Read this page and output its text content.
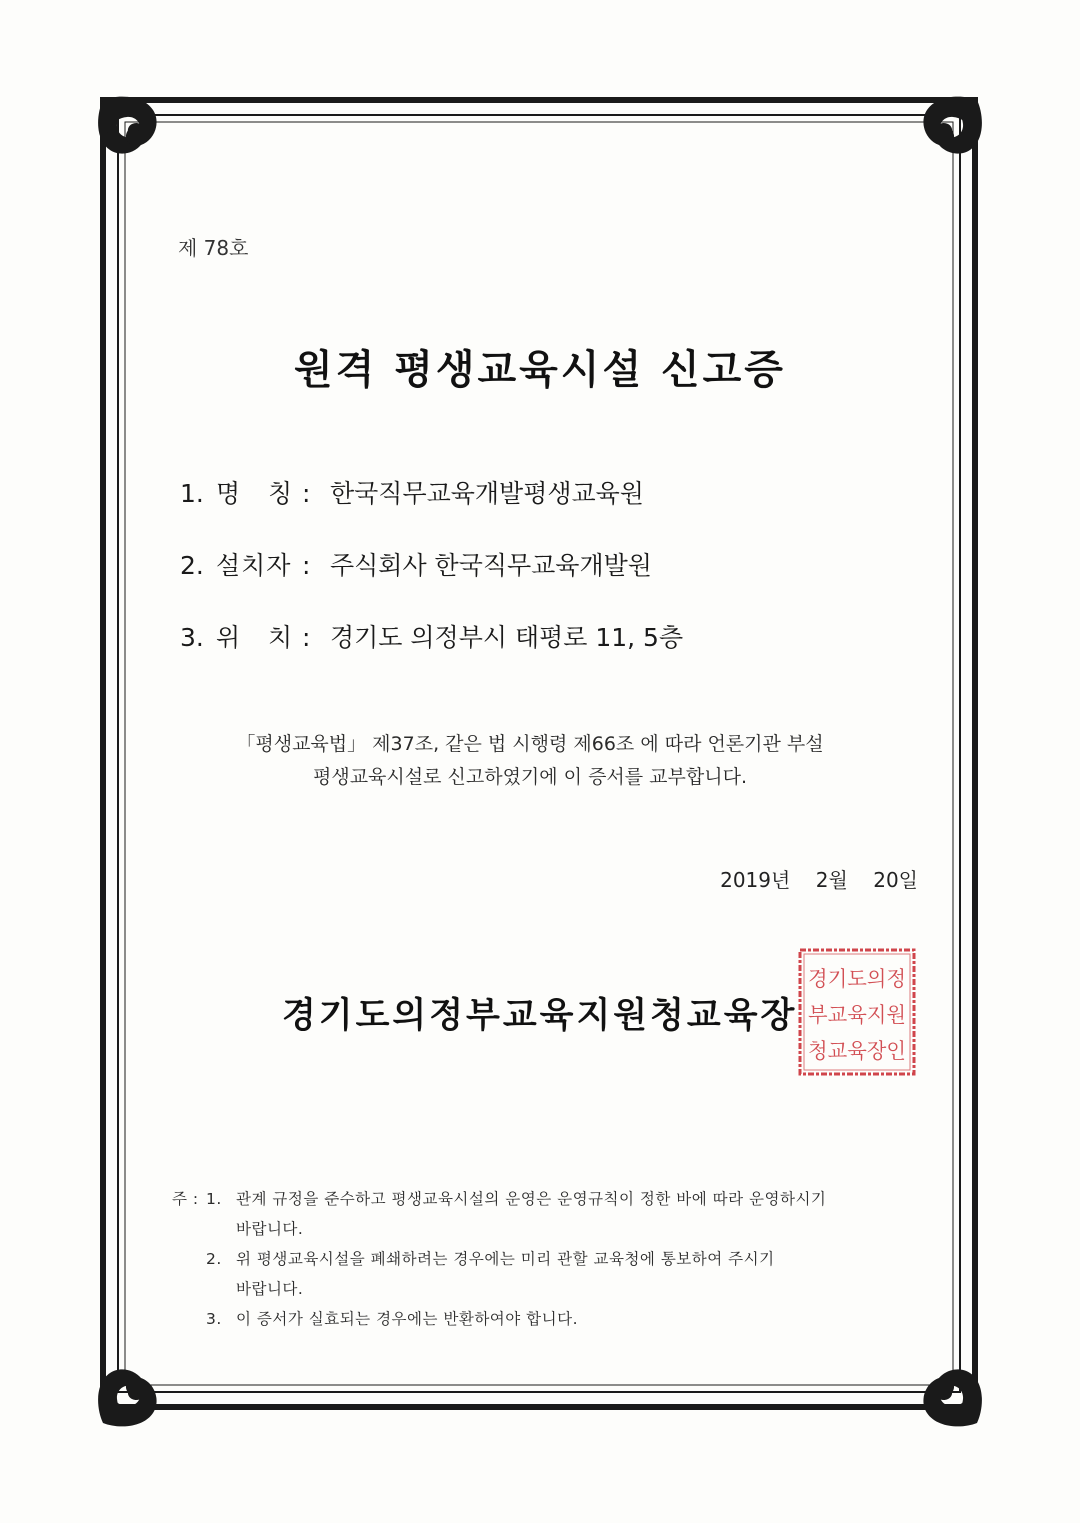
제 78호
원격 평생교육시설 신고증
1. 명   칭 : 한국직무교육개발평생교육원
2. 설치자 : 주식회사 한국직무교육개발원
3. 위   치 : 경기도 의정부시 태평로 11, 5층
「평생교육법」 제37조, 같은 법 시행령 제66조 에 따라 언론기관 부설
평생교육시설로 신고하였기에 이 증서를 교부합니다.
2019년    2월    20일
경기도의정부교육지원청교육장
경기도의정
부교육지원
청교육장인
주 : 1. 관계 규정을 준수하고 평생교육시설의 운영은 운영규칙이 정한 바에 따라 운영하시기
바랍니다.
2. 위 평생교육시설을 폐쇄하려는 경우에는 미리 관할 교육청에 통보하여 주시기
바랍니다.
3. 이 증서가 실효되는 경우에는 반환하여야 합니다.
